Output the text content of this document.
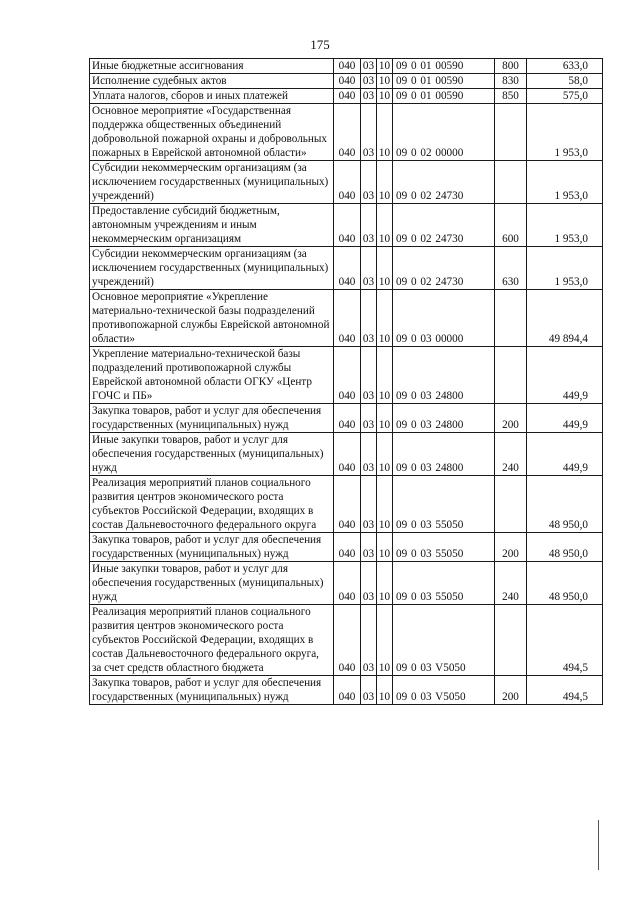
175
Иные бюджетные ассигнования	040	03	10	09 0 01 00590	800	633,0
Исполнение судебных актов	040	03	10	09 0 01 00590	830	58,0
Уплата налогов, сборов и иных платежей	040	03	10	09 0 01 00590	850	575,0
Основное мероприятие «Государственная поддержка общественных объединений добровольной пожарной охраны и добровольных пожарных в Еврейской автономной области»	040	03	10	09 0 02 00000		1 953,0
Субсидии некоммерческим организациям (за исключением государственных (муниципальных) учреждений)	040	03	10	09 0 02 24730		1 953,0
Предоставление субсидий бюджетным, автономным учреждениям и иным некоммерческим организациям	040	03	10	09 0 02 24730	600	1 953,0
Субсидии некоммерческим организациям (за исключением государственных (муниципальных) учреждений)	040	03	10	09 0 02 24730	630	1 953,0
Основное мероприятие «Укрепление материально-технической базы подразделений противопожарной службы Еврейской автономной области»	040	03	10	09 0 03 00000		49 894,4
Укрепление материально-технической базы подразделений противопожарной службы Еврейской автономной области ОГКУ «Центр ГОЧС и ПБ»	040	03	10	09 0 03 24800		449,9
Закупка товаров, работ и услуг для обеспечения государственных (муниципальных) нужд	040	03	10	09 0 03 24800	200	449,9
Иные закупки товаров, работ и услуг для обеспечения государственных (муниципальных) нужд	040	03	10	09 0 03 24800	240	449,9
Реализация мероприятий планов социального развития центров экономического роста субъектов Российской Федерации, входящих в состав Дальневосточного федерального округа	040	03	10	09 0 03 55050		48 950,0
Закупка товаров, работ и услуг для обеспечения государственных (муниципальных) нужд	040	03	10	09 0 03 55050	200	48 950,0
Иные закупки товаров, работ и услуг для обеспечения государственных (муниципальных) нужд	040	03	10	09 0 03 55050	240	48 950,0
Реализация мероприятий планов социального развития центров экономического роста субъектов Российской Федерации, входящих в состав Дальневосточного федерального округа, за счет средств областного бюджета	040	03	10	09 0 03 V5050		494,5
Закупка товаров, работ и услуг для обеспечения государственных (муниципальных) нужд	040	03	10	09 0 03 V5050	200	494,5
